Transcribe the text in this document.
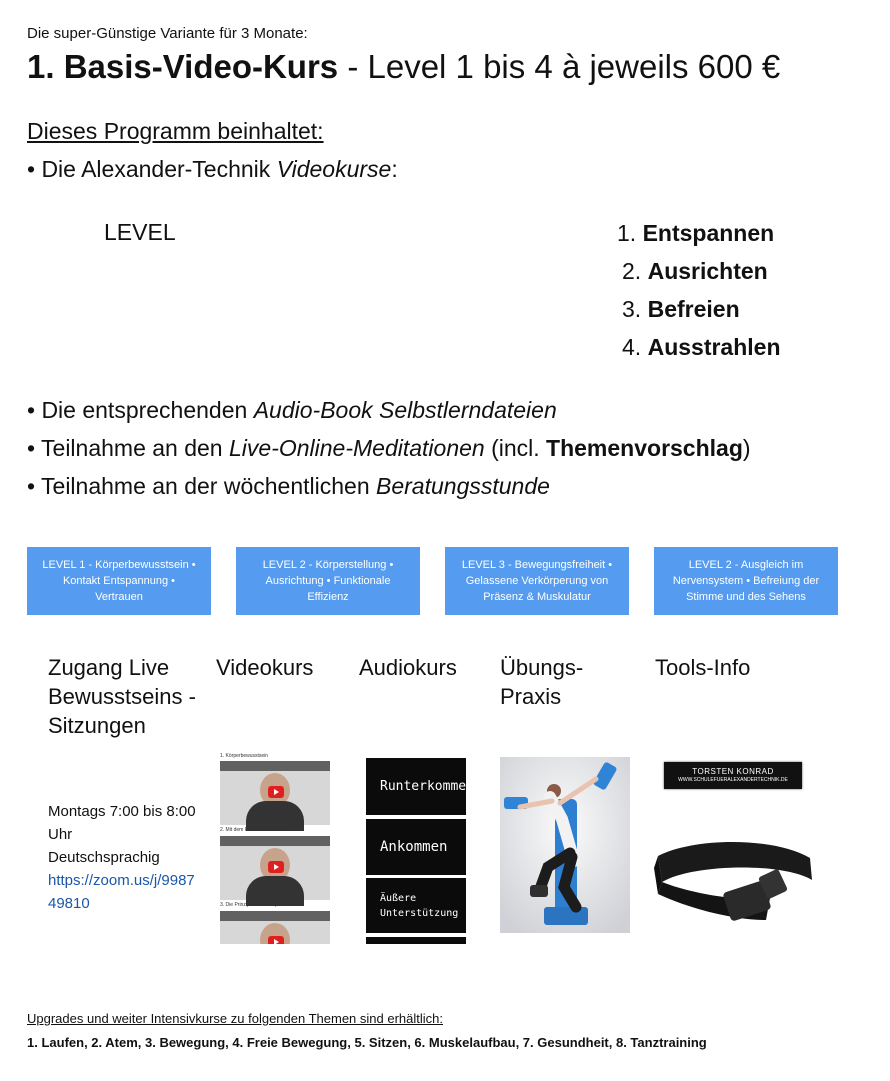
Die super-Günstige Variante für 3 Monate:
1. Basis-Video-Kurs - Level 1 bis 4 à jeweils 600 €
Dieses Programm beinhaltet:
• Die Alexander-Technik Videokurse:
LEVEL	1. Entspannen
2. Ausrichten
3. Befreien
4. Ausstrahlen
• Die entsprechenden Audio-Book Selbstlerndateien
• Teilnahme an den Live-Online-Meditationen (incl. Themenvorschlag)
• Teilnahme an der wöchentlichen Beratungsstunde
LEVEL 1 - Körperbewusstsein • Kontakt Entspannung • Vertrauen
LEVEL 2 - Körperstellung • Ausrichtung • Funktionale Effizienz
LEVEL 3 - Bewegungsfreiheit • Gelassene Verkörperung von Präsenz & Muskulatur
LEVEL 2 - Ausgleich im Nervensystem • Befreiung der Stimme und des Sehens
Zugang Live Bewusstseins -Sitzungen
Videokurs Audiokurs Übungs- Praxis
Tools-Info
Montags 7:00 bis 8:00 Uhr
Deutschsprachig
https://zoom.us/j/998749810
1. Körperbewusstsein
2. Mit dem Falschen aufhören
3. Die Prinzipien des Körper-Lernens
Runterkommen
Ankommen
Äußere Unterstützung
TORSTEN KONRAD
WWW.SCHULEFUERALEXANDERTECHNIK.DE
Upgrades und weiter Intensivkurse zu folgenden Themen sind erhältlich:
1. Laufen, 2. Atem, 3. Bewegung, 4. Freie Bewegung, 5. Sitzen, 6. Muskelaufbau, 7. Gesundheit, 8. Tanztraining
